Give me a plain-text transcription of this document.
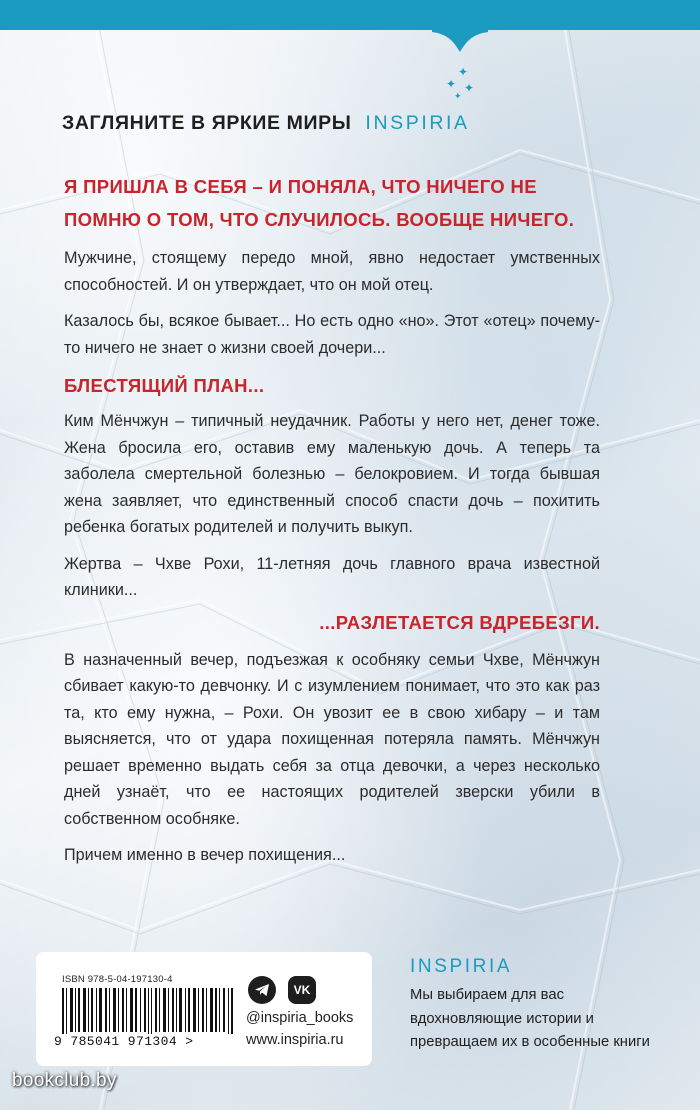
✦
✦ ✦
✦
ЗАГЛЯНИТЕ В ЯРКИЕ МИРЫ INSPIRIA

Я ПРИШЛА В СЕБЯ – И ПОНЯЛА, ЧТО НИЧЕГО НЕ ПОМНЮ О ТОМ, ЧТО СЛУЧИЛОСЬ. ВООБЩЕ НИЧЕГО.

Мужчине, стоящему передо мной, явно недостает умственных способностей. И он утверждает, что он мой отец.

Казалось бы, всякое бывает... Но есть одно «но». Этот «отец» почему-то ничего не знает о жизни своей дочери...

БЛЕСТЯЩИЙ ПЛАН...

Ким Мёнчжун – типичный неудачник. Работы у него нет, денег тоже. Жена бросила его, оставив ему маленькую дочь. А теперь та заболела смертельной болезнью – белокровием. И тогда бывшая жена заявляет, что единственный способ спасти дочь – похитить ребенка богатых родителей и получить выкуп.

Жертва – Чхве Рохи, 11-летняя дочь главного врача известной клиники...

...РАЗЛЕТАЕТСЯ ВДРЕБЕЗГИ.

В назначенный вечер, подъезжая к особняку семьи Чхве, Мёнчжун сбивает какую-то девчонку. И с изумлением понимает, что это как раз та, кто ему нужна, – Рохи. Он увозит ее в свою хибару – и там выясняется, что от удара похищенная потеряла память. Мёнчжун решает временно выдать себя за отца девочки, а через несколько дней узнаёт, что ее настоящих родителей зверски убили в собственном особняке.

Причем именно в вечер похищения...

ISBN 978-5-04-197130-4
9 785041 971304 >
VK
@inspiria_books
www.inspiria.ru
INSPIRIA
Мы выбираем для вас вдохновляющие истории и превращаем их в особенные книги
bookclub.by
